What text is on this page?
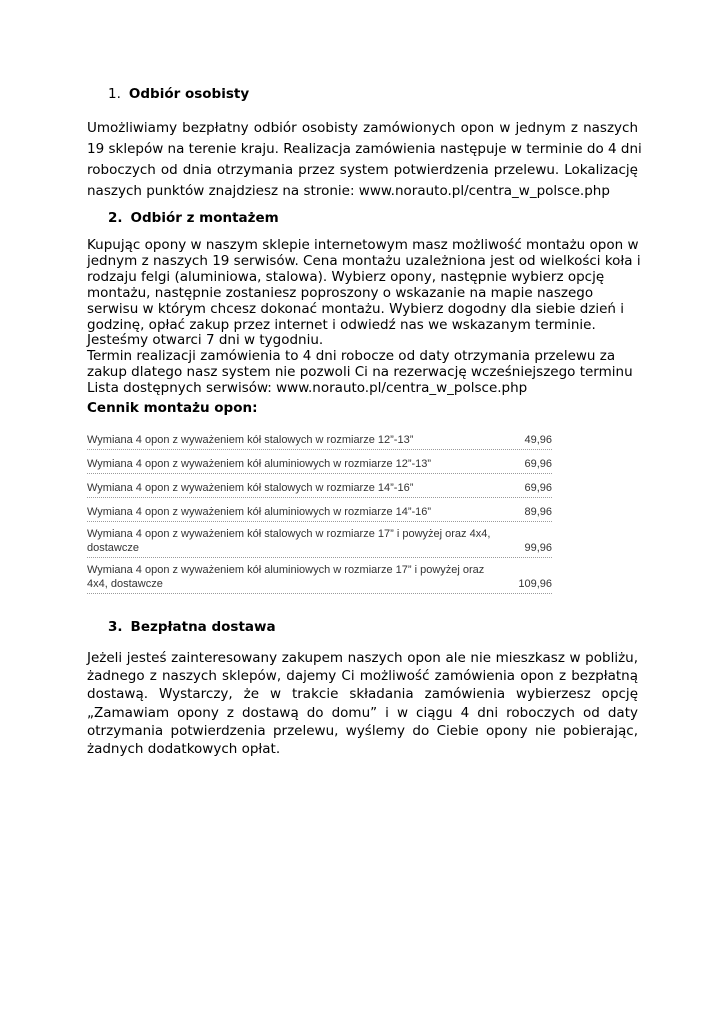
1. Odbiór osobisty
Umożliwiamy bezpłatny odbiór osobisty zamówionych opon w jednym z naszych
19 sklepów na terenie kraju. Realizacja zamówienia następuje w terminie do 4 dni
roboczych od dnia otrzymania przez system potwierdzenia przelewu. Lokalizację
naszych punktów znajdziesz na stronie: www.norauto.pl/centra_w_polsce.php
2. Odbiór z montażem
Kupując opony w naszym sklepie internetowym masz możliwość montażu opon w
jednym z naszych 19 serwisów. Cena montażu uzależniona jest od wielkości koła i
rodzaju felgi (aluminiowa, stalowa). Wybierz opony, następnie wybierz opcję
montażu, następnie zostaniesz poproszony o wskazanie na mapie naszego
serwisu w którym chcesz dokonać montażu. Wybierz dogodny dla siebie dzień i
godzinę, opłać zakup przez internet i odwiedź nas we wskazanym terminie.
Jesteśmy otwarci 7 dni w tygodniu.
Termin realizacji zamówienia to 4 dni robocze od daty otrzymania przelewu za
zakup dlatego nasz system nie pozwoli Ci na rezerwację wcześniejszego terminu
Lista dostępnych serwisów: www.norauto.pl/centra_w_polsce.php
Cennik montażu opon:
Wymiana 4 opon z wyważeniem kół stalowych w rozmiarze 12”-13”	49,96
Wymiana 4 opon z wyważeniem kół aluminiowych w rozmiarze 12”-13”	69,96
Wymiana 4 opon z wyważeniem kół stalowych w rozmiarze 14”-16”	69,96
Wymiana 4 opon z wyważeniem kół aluminiowych w rozmiarze 14”-16”	89,96
Wymiana 4 opon z wyważeniem kół stalowych w rozmiarze 17” i powyżej oraz 4x4, dostawcze	99,96
Wymiana 4 opon z wyważeniem kół aluminiowych w rozmiarze 17” i powyżej oraz 4x4, dostawcze	109,96
3. Bezpłatna dostawa
Jeżeli jesteś zainteresowany zakupem naszych opon ale nie mieszkasz w pobliżu,
żadnego z naszych sklepów, dajemy Ci możliwość zamówienia opon z bezpłatną
dostawą. Wystarczy, że w trakcie składania zamówienia wybierzesz opcję
„Zamawiam opony z dostawą do domu” i w ciągu 4 dni roboczych od daty
otrzymania potwierdzenia przelewu, wyślemy do Ciebie opony nie pobierając,
żadnych dodatkowych opłat.
